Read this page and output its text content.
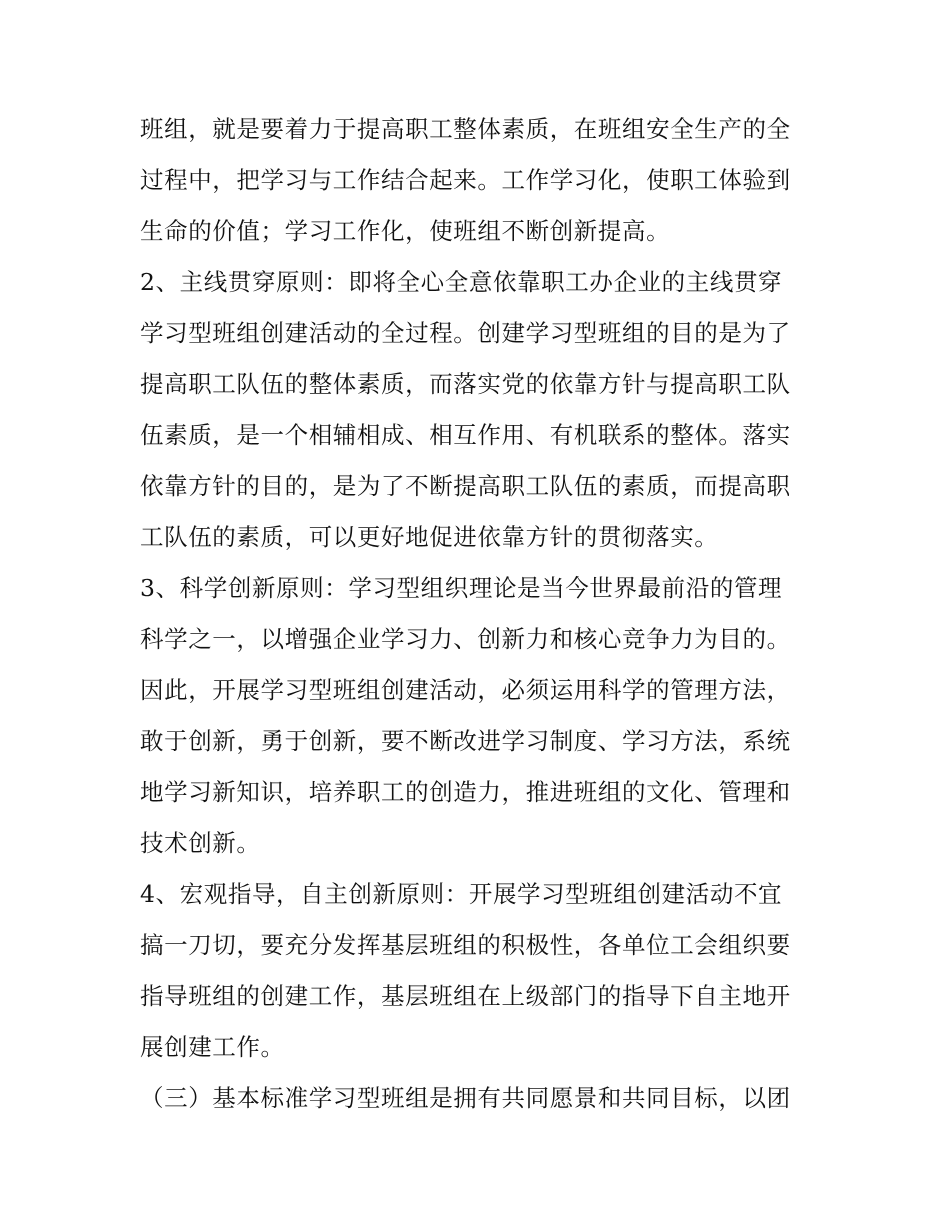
班组，就是要着力于提高职工整体素质，在班组安全生产的全
过程中，把学习与工作结合起来。工作学习化，使职工体验到
生命的价值；学习工作化，使班组不断创新提高。
2、主线贯穿原则：即将全心全意依靠职工办企业的主线贯穿
学习型班组创建活动的全过程。创建学习型班组的目的是为了
提高职工队伍的整体素质，而落实党的依靠方针与提高职工队
伍素质，是一个相辅相成、相互作用、有机联系的整体。落实
依靠方针的目的，是为了不断提高职工队伍的素质，而提高职
工队伍的素质，可以更好地促进依靠方针的贯彻落实。
3、科学创新原则：学习型组织理论是当今世界最前沿的管理
科学之一，以增强企业学习力、创新力和核心竞争力为目的。
因此，开展学习型班组创建活动，必须运用科学的管理方法，
敢于创新，勇于创新，要不断改进学习制度、学习方法，系统
地学习新知识，培养职工的创造力，推进班组的文化、管理和
技术创新。
4、宏观指导，自主创新原则：开展学习型班组创建活动不宜
搞一刀切，要充分发挥基层班组的积极性，各单位工会组织要
指导班组的创建工作，基层班组在上级部门的指导下自主地开
展创建工作。
（三）基本标准学习型班组是拥有共同愿景和共同目标，以团
